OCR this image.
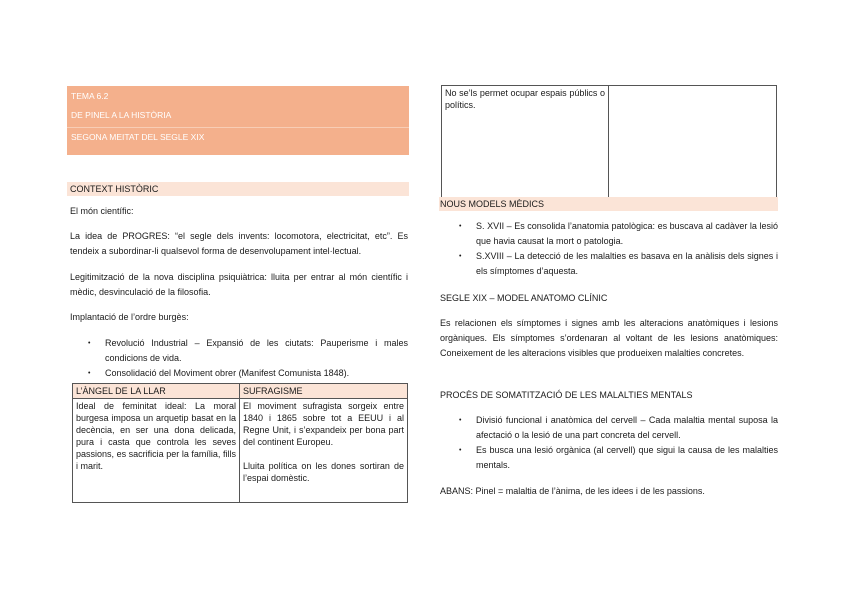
TEMA 6.2
DE PINEL A LA HISTÒRIA
SEGONA MEITAT DEL SEGLE XIX
CONTEXT HISTÒRIC

El món científic:

La idea de PROGRES: “el segle dels invents: locomotora, electricitat, etc”. Es tendeix a subordinar-li qualsevol forma de desenvolupament intel·lectual.

Legitimització de la nova disciplina psiquiàtrica: lluita per entrar al món científic i mèdic, desvinculació de la filosofia.

Implantació de l’ordre burgès:

• Revolució Industrial – Expansió de les ciutats: Pauperisme i males condicions de vida.
• Consolidació del Moviment obrer (Manifest Comunista 1848).
L’ÀNGEL DE LA LLAR	SUFRAGISME
Ideal de feminitat ideal: La moral burgesa imposa un arquetip basat en la decència, en ser una dona delicada, pura i casta que controla les seves passions, es sacrificia per la família, fills i marit.	El moviment sufragista sorgeix entre 1840 i 1865 sobre tot a EEUU i al Regne Unit, i s’expandeix per bona part del continent Europeu.
Lluita política on les dones sortiran de l’espai domèstic.
No se’ls permet ocupar espais públics o polítics.	
NOUS MODELS MÈDICS
• S. XVII – Es consolida l’anatomia patològica: es buscava al cadàver la lesió que havia causat la mort o patologia.
• S.XVIII – La detecció de les malalties es basava en la anàlisis dels signes i els símptomes d’aquesta.

SEGLE XIX – MODEL ANATOMO CLÍNIC

Es relacionen els símptomes i signes amb les alteracions anatòmiques i lesions orgàniques. Els símptomes s’ordenaran al voltant de les lesions anatòmiques: Coneixement de les alteracions visibles que produeixen malalties concretes.

PROCÈS DE SOMATITZACIÓ DE LES MALALTIES MENTALS

• Divisió funcional i anatòmica del cervell – Cada malaltia mental suposa la afectació o la lesió de una part concreta del cervell.
• Es busca una lesió orgànica (al cervell) que sigui la causa de les malalties mentals.

ABANS: Pinel = malaltia de l’ànima, de les idees i de les passions.
